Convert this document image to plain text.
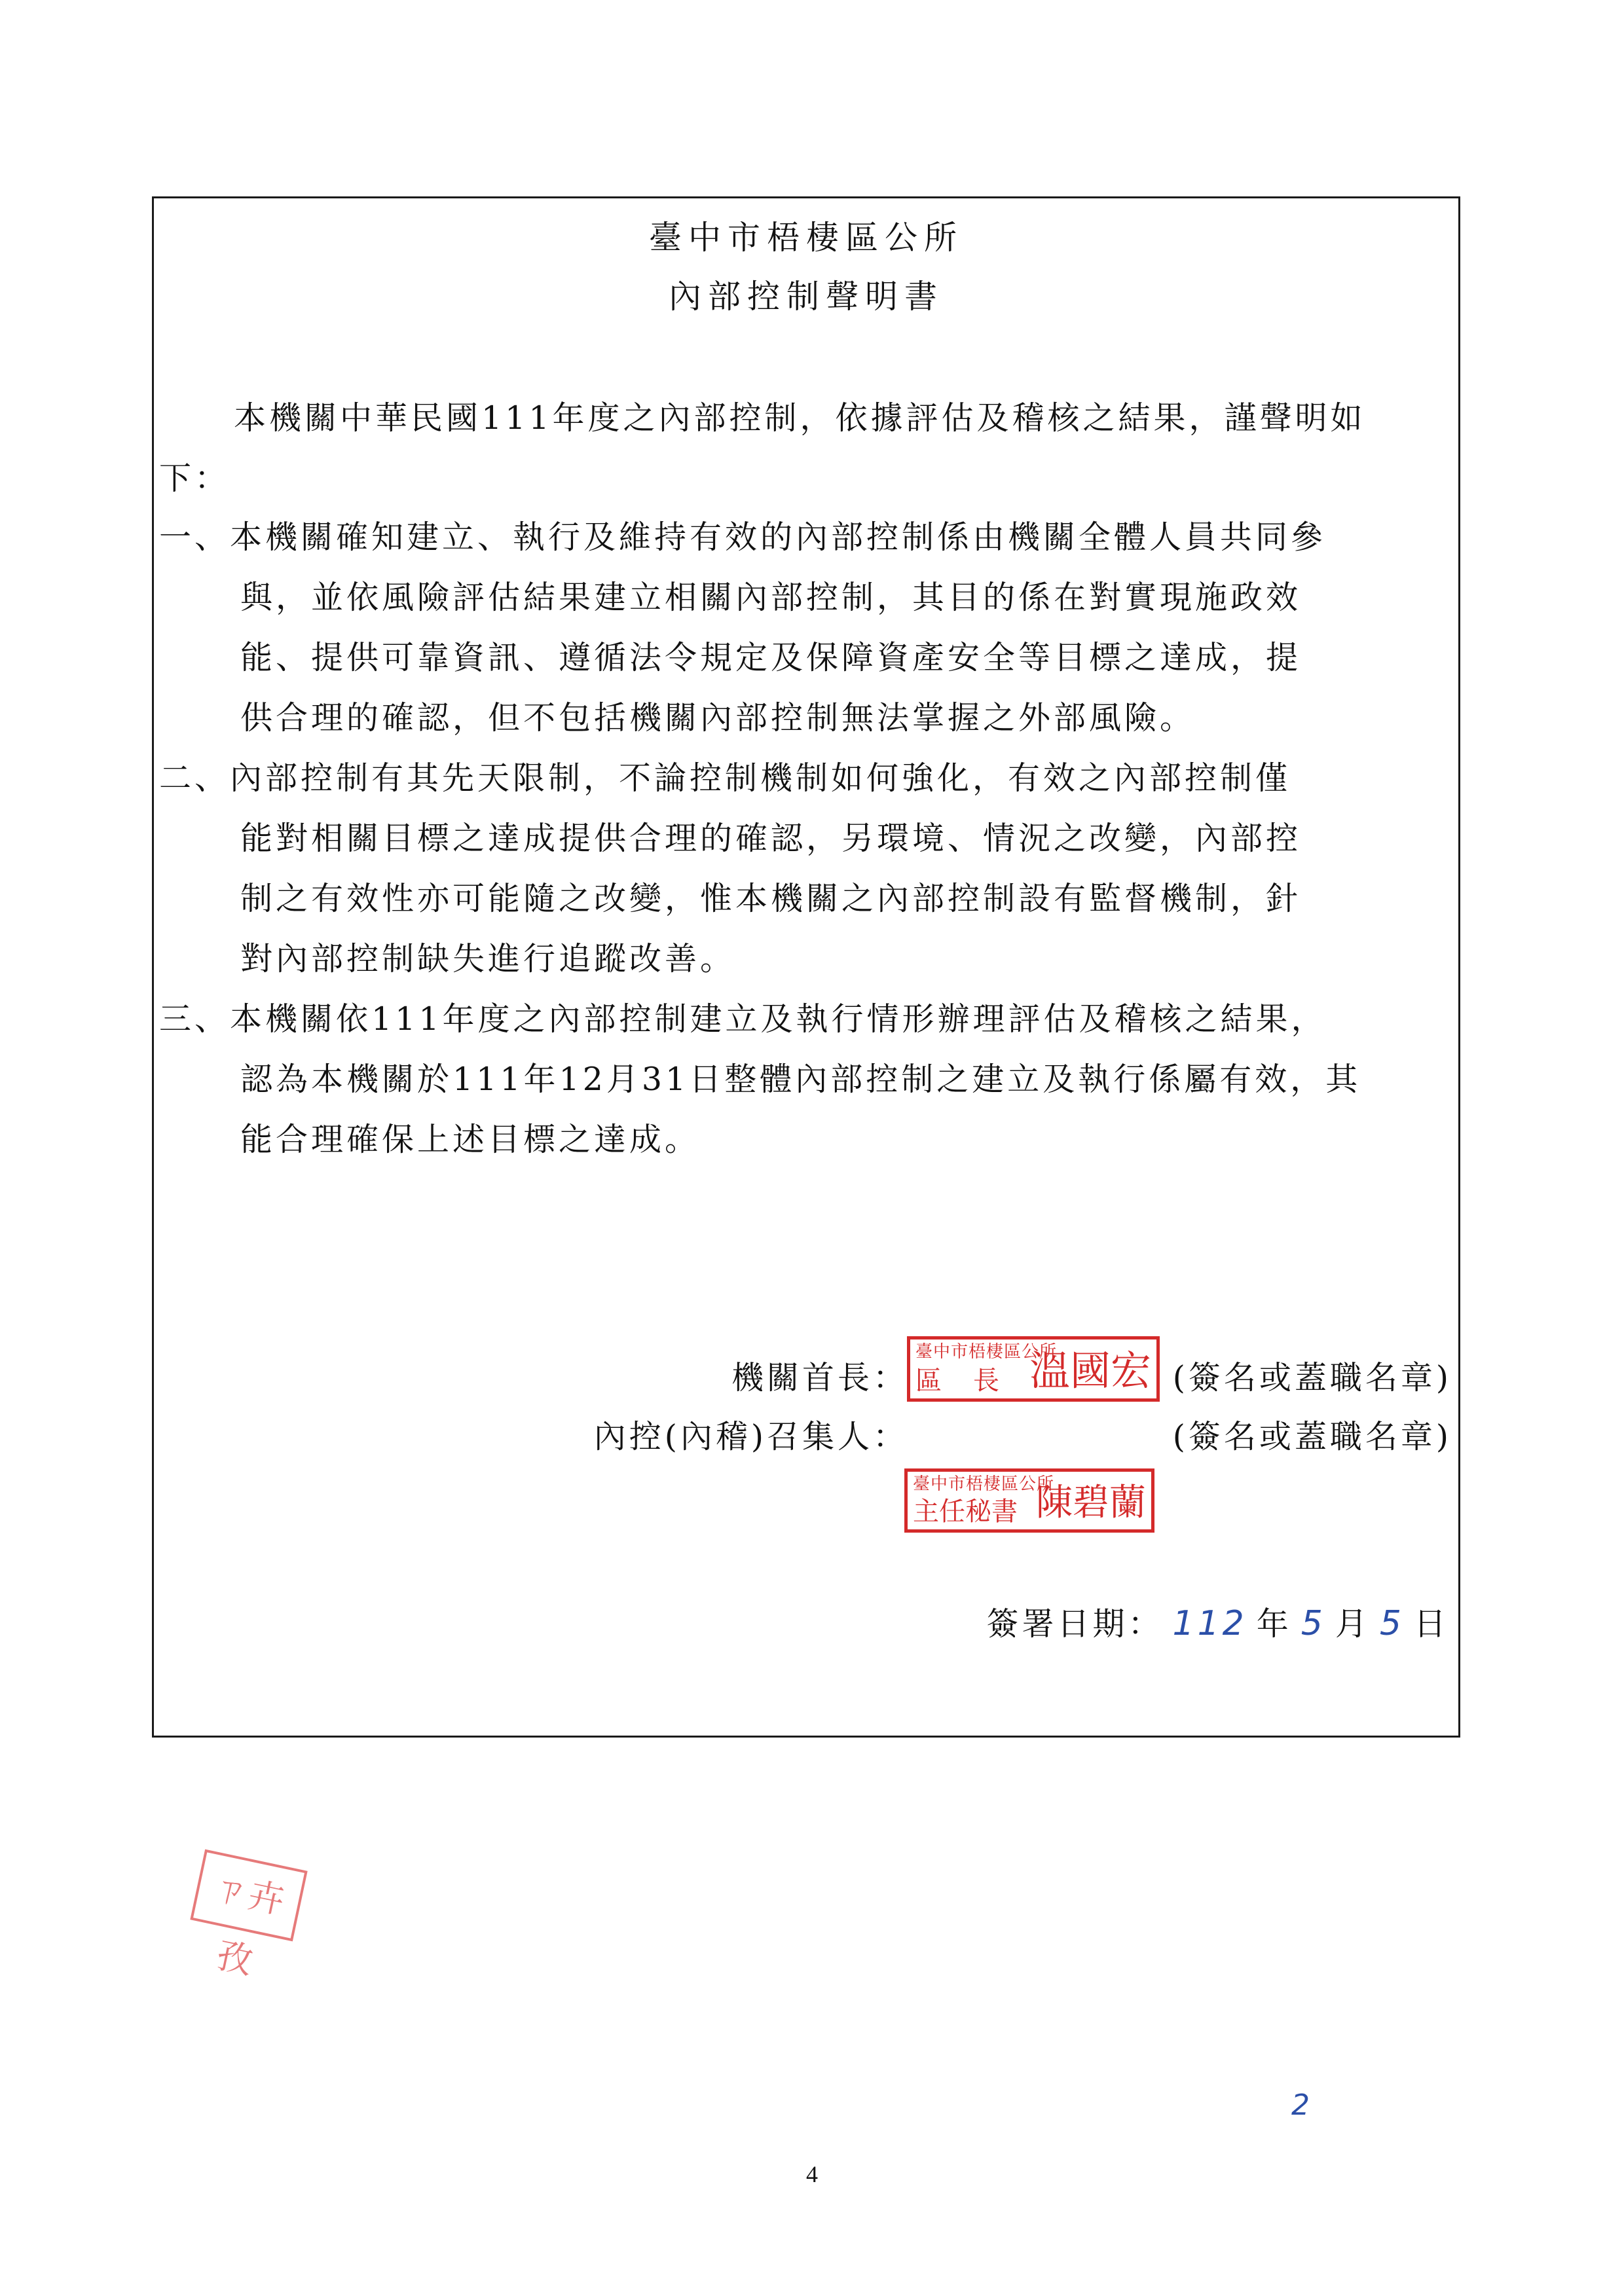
臺中市梧棲區公所
內部控制聲明書
本機關中華民國111年度之內部控制，依據評估及稽核之結果，謹聲明如
下：
一、本機關確知建立、執行及維持有效的內部控制係由機關全體人員共同參
與，並依風險評估結果建立相關內部控制，其目的係在對實現施政效
能、提供可靠資訊、遵循法令規定及保障資產安全等目標之達成，提
供合理的確認，但不包括機關內部控制無法掌握之外部風險。
二、內部控制有其先天限制，不論控制機制如何強化，有效之內部控制僅
能對相關目標之達成提供合理的確認，另環境、情況之改變，內部控
制之有效性亦可能隨之改變，惟本機關之內部控制設有監督機制，針
對內部控制缺失進行追蹤改善。
三、本機關依111年度之內部控制建立及執行情形辦理評估及稽核之結果，
認為本機關於111年12月31日整體內部控制之建立及執行係屬有效，其
能合理確保上述目標之達成。
機關首長：
臺中市梧棲區公所
區　長 溫國宏 (簽名或蓋職名章)
內控(內稽)召集人：	(簽名或蓋職名章)
臺中市梧棲區公所
主任秘書 陳碧蘭
簽署日期： 112 年 5 月 5 日
ㄗ卉孜
2
4
